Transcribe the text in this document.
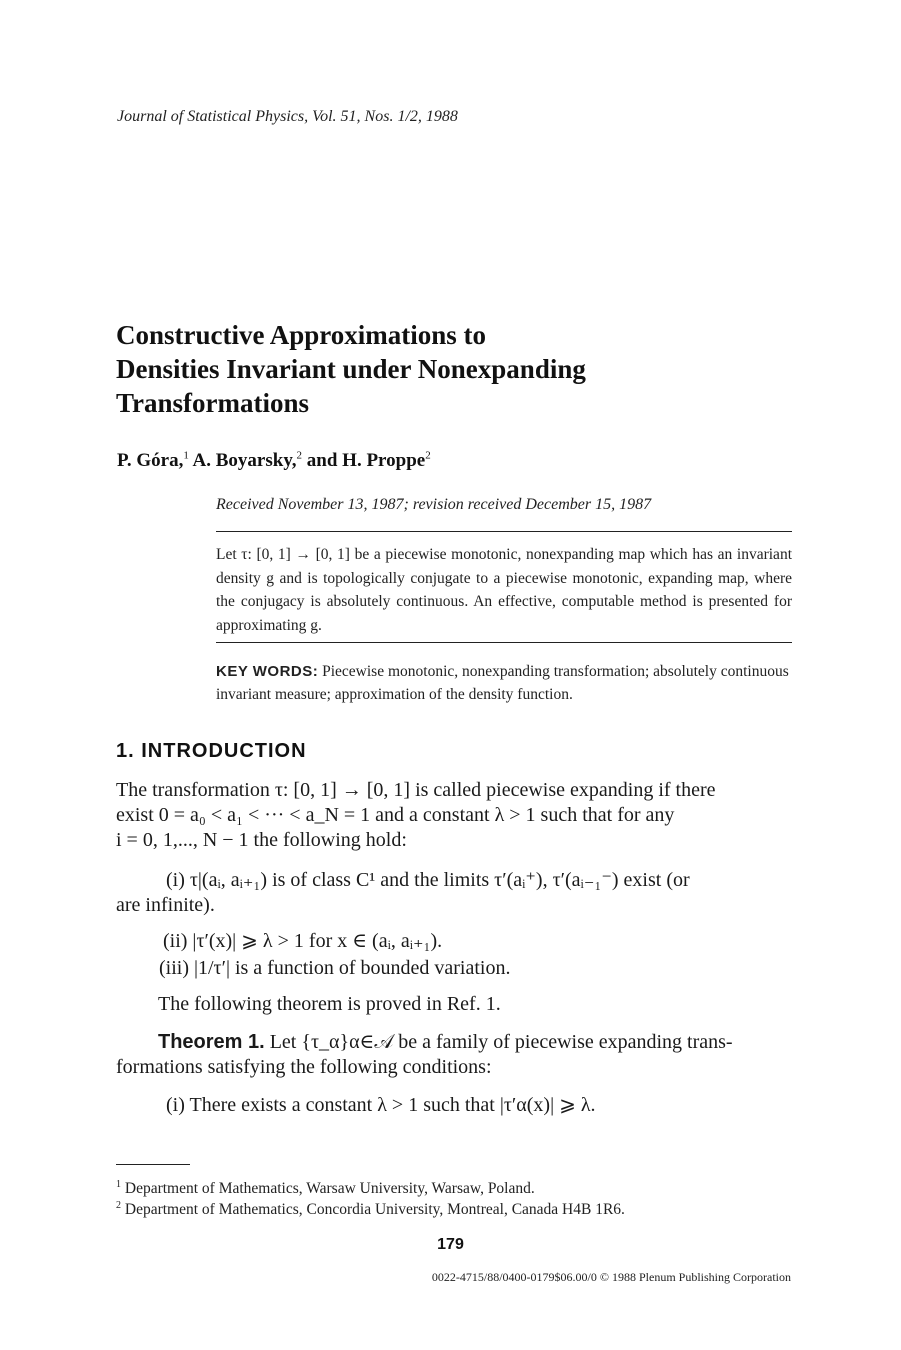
Journal of Statistical Physics, Vol. 51, Nos. 1/2, 1988
Constructive Approximations to
Densities Invariant under Nonexpanding
Transformations
P. Góra,$^1$ A. Boyarsky,$^2$ and H. Proppe$^2$
Received November 13, 1987; revision received December 15, 1987
Let τ: [0, 1] → [0, 1] be a piecewise monotonic, nonexpanding map which has an invariant density g and is topologically conjugate to a piecewise monotonic, expanding map, where the conjugacy is absolutely continuous. An effective, computable method is presented for approximating g.
KEY WORDS: Piecewise monotonic, nonexpanding transformation; absolutely continuous invariant measure; approximation of the density function.
1. INTRODUCTION
The transformation τ: [0, 1] → [0, 1] is called piecewise expanding if there
exist 0 = a₀ < a₁ < ··· < a_N = 1 and a constant λ > 1 such that for any
i = 0, 1,..., N − 1 the following hold:
(i) τ|(aᵢ, aᵢ₊₁) is of class C¹ and the limits τ′(aᵢ⁺), τ′(aᵢ₋₁⁻) exist (or
are infinite).
(ii) |τ′(x)| ⩾ λ > 1 for x ∈ (aᵢ, aᵢ₊₁).
(iii) |1/τ′| is a function of bounded variation.
The following theorem is proved in Ref. 1.
Theorem 1. Let {τ_α}α∈𝒜 be a family of piecewise expanding trans-
formations satisfying the following conditions:
(i) There exists a constant λ > 1 such that |τ′α(x)| ⩾ λ.
$^1$ Department of Mathematics, Warsaw University, Warsaw, Poland.
$^2$ Department of Mathematics, Concordia University, Montreal, Canada H4B 1R6.
179
0022-4715/88/0400-0179$06.00/0 © 1988 Plenum Publishing Corporation
